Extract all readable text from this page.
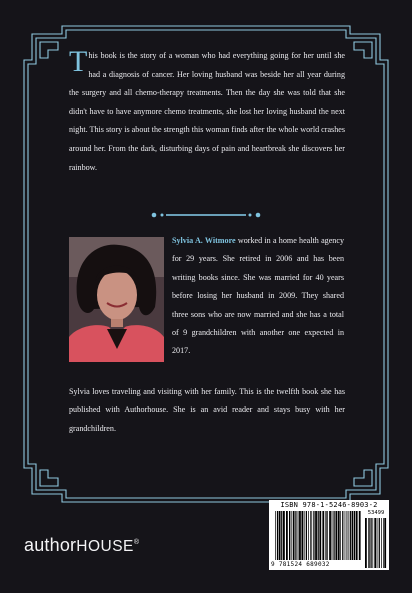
This book is the story of a woman who had everything going for her until she had a diagnosis of cancer. Her loving husband was beside her all year during the surgery and all chemo-therapy treatments. Then the day she was told that she didn't have to have anymore chemo treatments, she lost her loving husband the next night. This story is about the strength this woman finds after the whole world crashes around her. From the dark, disturbing days of pain and heartbreak she discovers her rainbow.

Sylvia A. Witmore worked in a home health agency for 29 years. She retired in 2006 and has been writing books since. She was married for 40 years before losing her husband in 2009. They shared three sons who are now married and she has a total of 9 grandchildren with another one expected in 2017.

Sylvia loves traveling and visiting with her family. This is the twelfth book she has published with Authorhouse. She is an avid reader and stays busy with her grandchildren.

ISBN 978-1-5246-8903-2
53499
9 781524 689032
authorHOUSE®
